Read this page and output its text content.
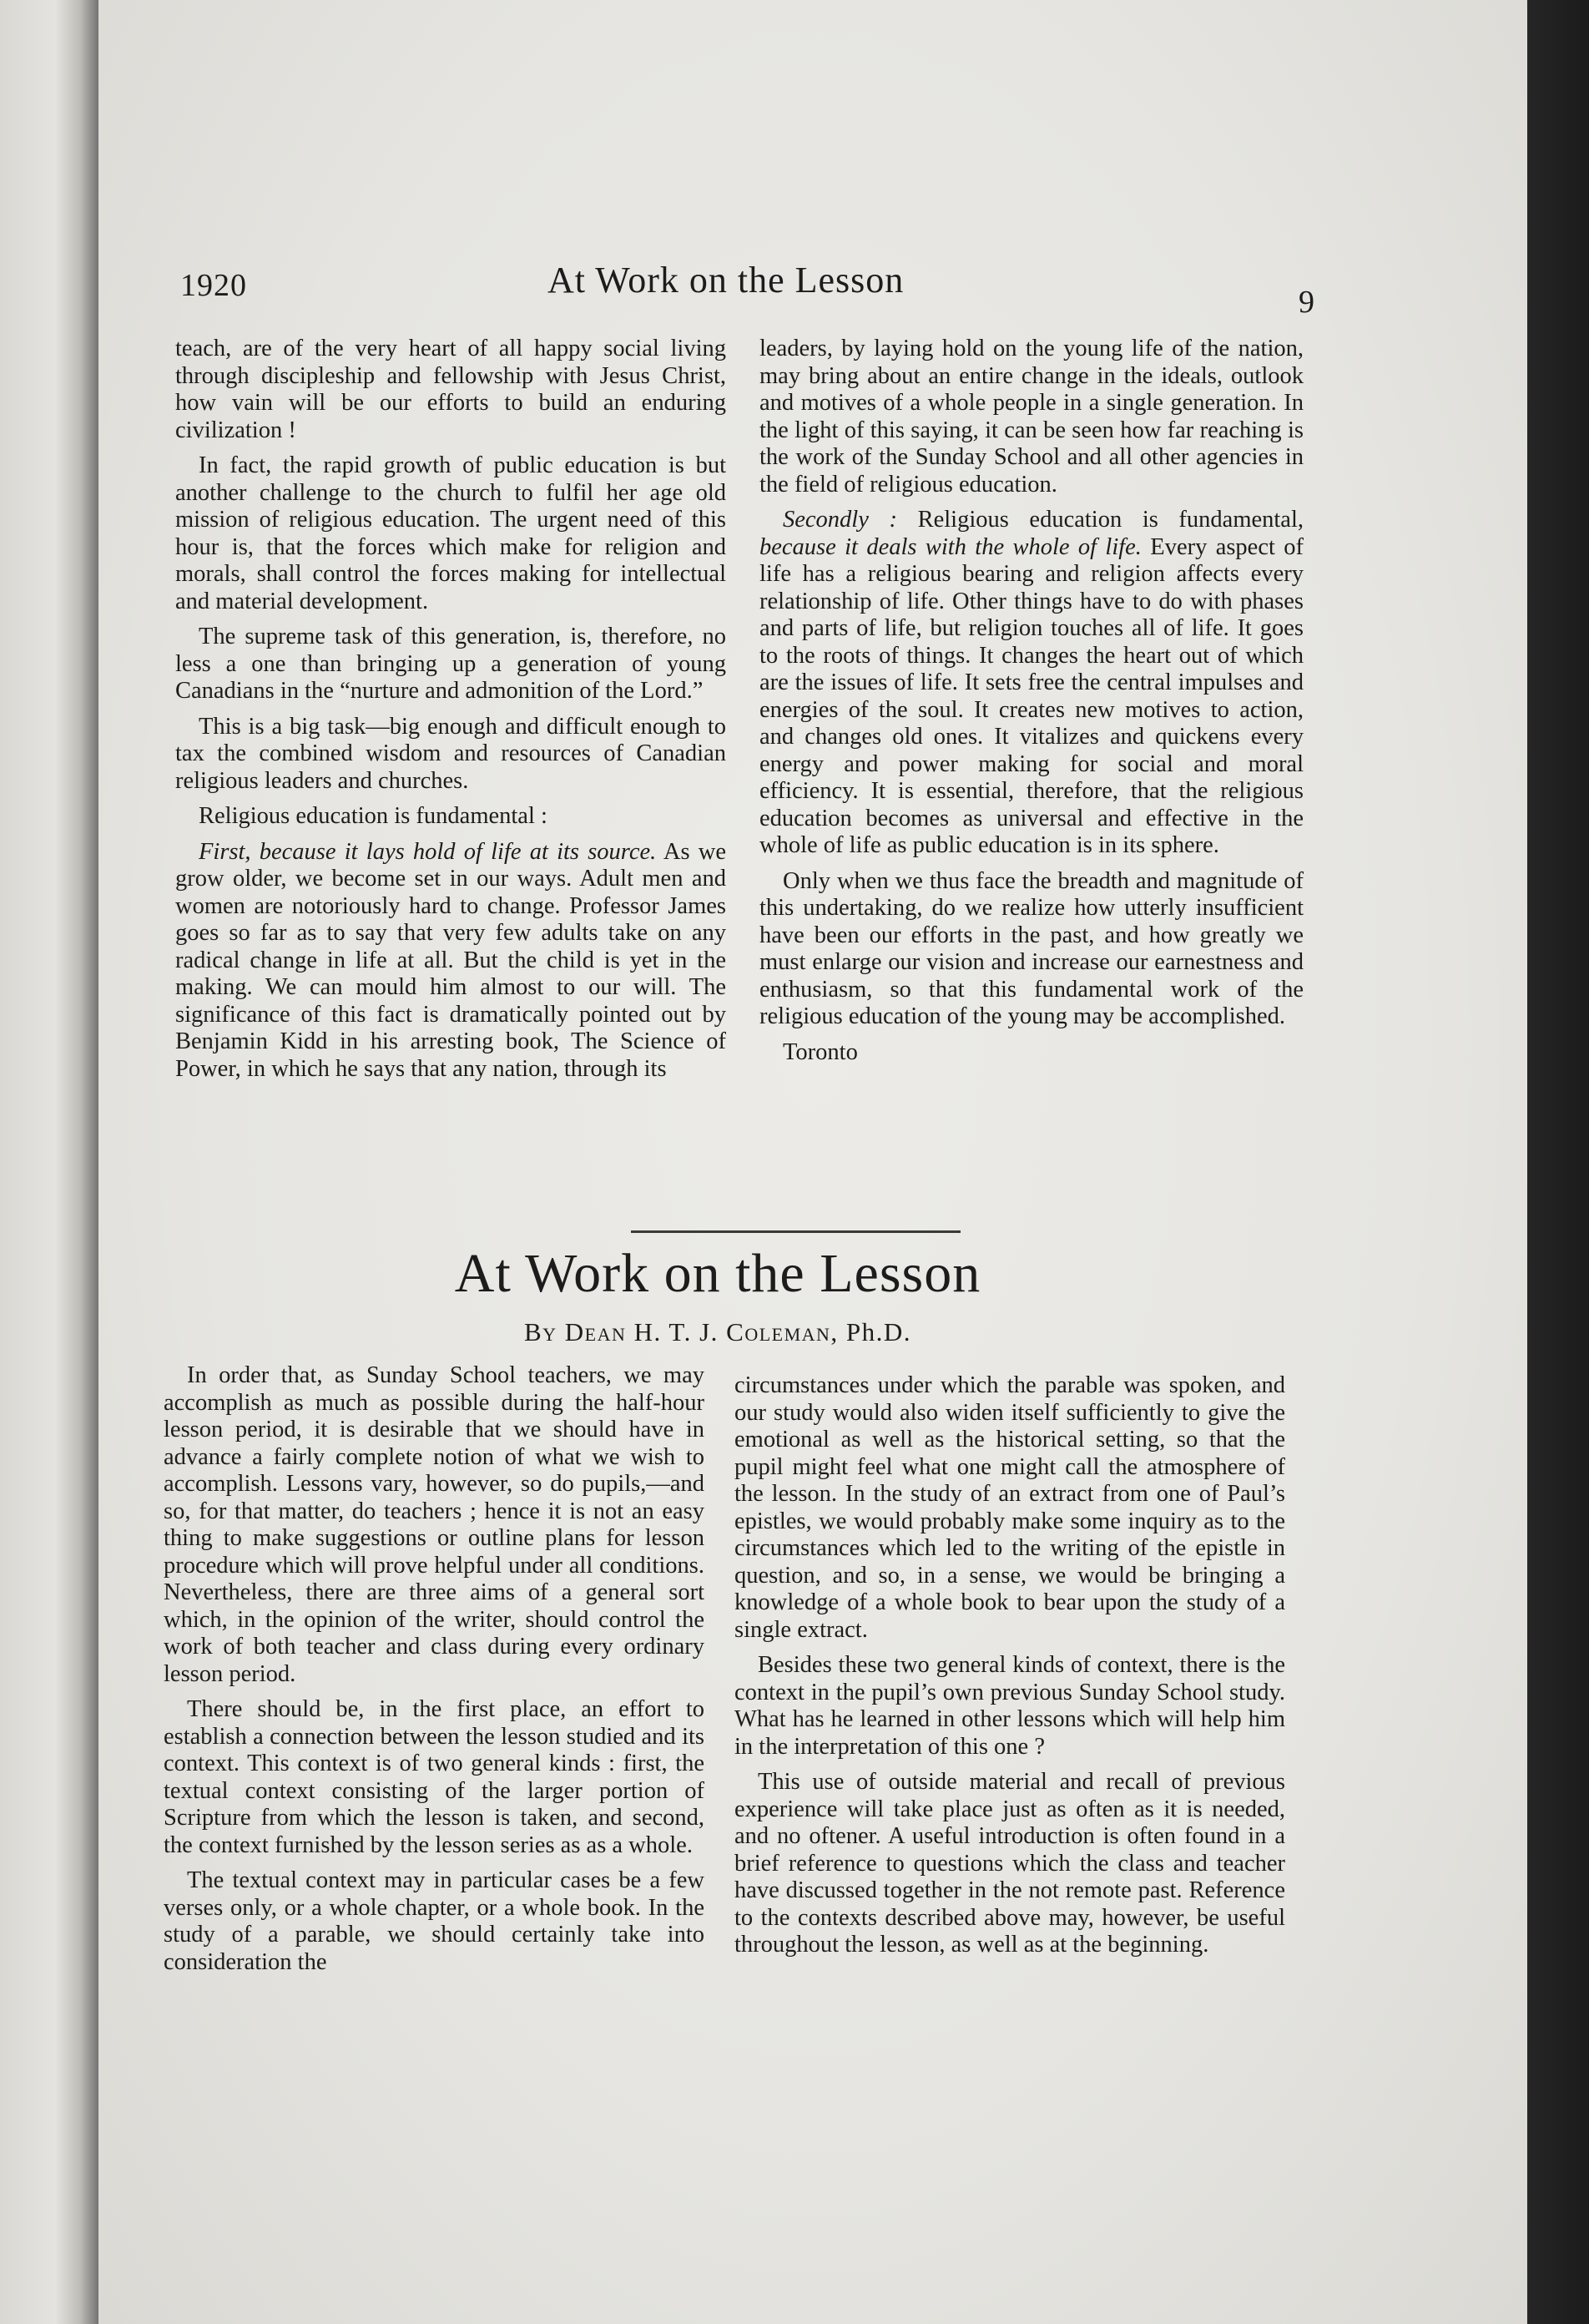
1920	At Work on the Lesson
9

teach, are of the very heart of all happy social living through discipleship and fellowship with Jesus Christ, how vain will be our efforts to build an enduring civilization !

In fact, the rapid growth of public education is but another challenge to the church to fulfil her age old mission of religious education. The urgent need of this hour is, that the forces which make for religion and morals, shall control the forces making for intellectual and material development.

The supreme task of this generation, is, therefore, no less a one than bringing up a generation of young Canadians in the “nurture and admonition of the Lord.”

This is a big task—big enough and difficult enough to tax the combined wisdom and resources of Canadian religious leaders and churches.

Religious education is fundamental :

First, because it lays hold of life at its source. As we grow older, we become set in our ways. Adult men and women are notoriously hard to change. Professor James goes so far as to say that very few adults take on any radical change in life at all. But the child is yet in the making. We can mould him almost to our will. The significance of this fact is dramatically pointed out by Benjamin Kidd in his arresting book, The Science of Power, in which he says that any nation, through its

leaders, by laying hold on the young life of the nation, may bring about an entire change in the ideals, outlook and motives of a whole people in a single generation. In the light of this saying, it can be seen how far reaching is the work of the Sunday School and all other agencies in the field of religious education.

Secondly : Religious education is fundamental, because it deals with the whole of life. Every aspect of life has a religious bearing and religion affects every relationship of life. Other things have to do with phases and parts of life, but religion touches all of life. It goes to the roots of things. It changes the heart out of which are the issues of life. It sets free the central impulses and energies of the soul. It creates new motives to action, and changes old ones. It vitalizes and quickens every energy and power making for social and moral efficiency. It is essential, therefore, that the religious education becomes as universal and effective in the whole of life as public education is in its sphere.

Only when we thus face the breadth and magnitude of this undertaking, do we realize how utterly insufficient have been our efforts in the past, and how greatly we must enlarge our vision and increase our earnestness and enthusiasm, so that this fundamental work of the religious education of the young may be accomplished.

Toronto

At Work on the Lesson
By Dean H. T. J. Coleman, Ph.D.

In order that, as Sunday School teachers, we may accomplish as much as possible during the half-hour lesson period, it is desirable that we should have in advance a fairly complete notion of what we wish to accomplish. Lessons vary, however, so do pupils,—and so, for that matter, do teachers ; hence it is not an easy thing to make suggestions or outline plans for lesson procedure which will prove helpful under all conditions. Nevertheless, there are three aims of a general sort which, in the opinion of the writer, should control the work of both teacher and class during every ordinary lesson period.

There should be, in the first place, an effort to establish a connection between the lesson studied and its context. This context is of two general kinds : first, the textual context consisting of the larger portion of Scripture from which the lesson is taken, and second, the context furnished by the lesson series as as a whole.

The textual context may in particular cases be a few verses only, or a whole chapter, or a whole book. In the study of a parable, we should certainly take into consideration the

circumstances under which the parable was spoken, and our study would also widen itself sufficiently to give the emotional as well as the historical setting, so that the pupil might feel what one might call the atmosphere of the lesson. In the study of an extract from one of Paul’s epistles, we would probably make some inquiry as to the circumstances which led to the writing of the epistle in question, and so, in a sense, we would be bringing a knowledge of a whole book to bear upon the study of a single extract.

Besides these two general kinds of context, there is the context in the pupil’s own previous Sunday School study. What has he learned in other lessons which will help him in the interpretation of this one ?

This use of outside material and recall of previous experience will take place just as often as it is needed, and no oftener. A useful introduction is often found in a brief reference to questions which the class and teacher have discussed together in the not remote past. Reference to the contexts described above may, however, be useful throughout the lesson, as well as at the beginning.
